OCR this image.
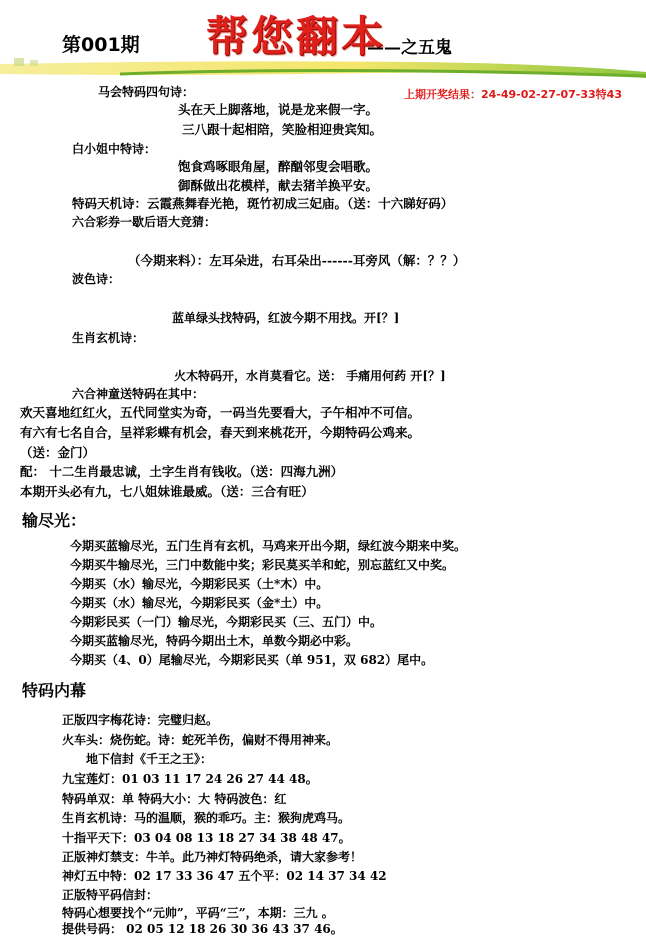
第001期 帮您翻本
——之五鬼
上期开奖结果：24-49-02-27-07-33特43
马会特码四句诗：
头在天上脚落地，说是龙来假一字。
三八跟十起相陪，笑脸相迎贵宾知。
白小姐中特诗：
饱食鸡啄眼角屋，醉酗邻叟会唱歌。
御酥做出花模样，献去猪羊换平安。
特码天机诗：云霞燕舞春光艳，斑竹初成三妃庙。（送：十六睇好码）
六合彩券一歇后语大竞猜：
（今期来料）：左耳朵进，右耳朵出------耳旁风（解：？？）
波色诗：
蓝单绿头找特码，红波今期不用找。开[？]
生肖玄机诗：
火木特码开，水肖莫看它。送： 手痛用何药 开[？]
六合神童送特码在其中：
欢天喜地红红火，五代同堂实为奇，一码当先要看大，子午相冲不可信。
有六有七名自合，呈祥彩蝶有机会，春天到来桃花开，今期特码公鸡来。
（送：金门）
配： 十二生肖最忠诚，土字生肖有钱收。（送：四海九洲）
本期开头必有九，七八姐妹谁最威。（送：三合有旺）
输尽光：
今期买蓝输尽光，五门生肖有玄机，马鸡来开出今期，绿红波今期来中奖。
今期买牛输尽光，三门中数能中奖；彩民莫买羊和蛇，别忘蓝红又中奖。
今期买（水）输尽光，今期彩民买（土*木）中。
今期买（水）输尽光，今期彩民买（金*土）中。
今期彩民买（一门）输尽光，今期彩民买（三、五门）中。
今期买蓝输尽光，特码今期出土木，单数今期必中彩。
今期买（4、0）尾输尽光，今期彩民买（单 951，双 682）尾中。
特码内幕
正版四字梅花诗：完璧归赵。
火车头：烧伤蛇。诗：蛇死羊伤，偏财不得用神来。
地下信封《千王之王》：
九宝莲灯：01 03 11 17 24 26 27 44 48。
特码单双：单 特码大小：大 特码波色：红
生肖玄机诗：马的温顺，猴的乖巧。主：猴狗虎鸡马。
十指平天下：03 04 08 13 18 27 34 38 48 47。
正版神灯禁支：牛羊。此乃神灯特码绝杀，请大家参考！
神灯五中特：02 17 33 36 47 五个平：02 14 37 34 42
正版特平码信封：
特码心想要找个“元帅”，平码“三”，本期：三九 。
提供号码： 02 05 12 18 26 30 36 43 37 46。
